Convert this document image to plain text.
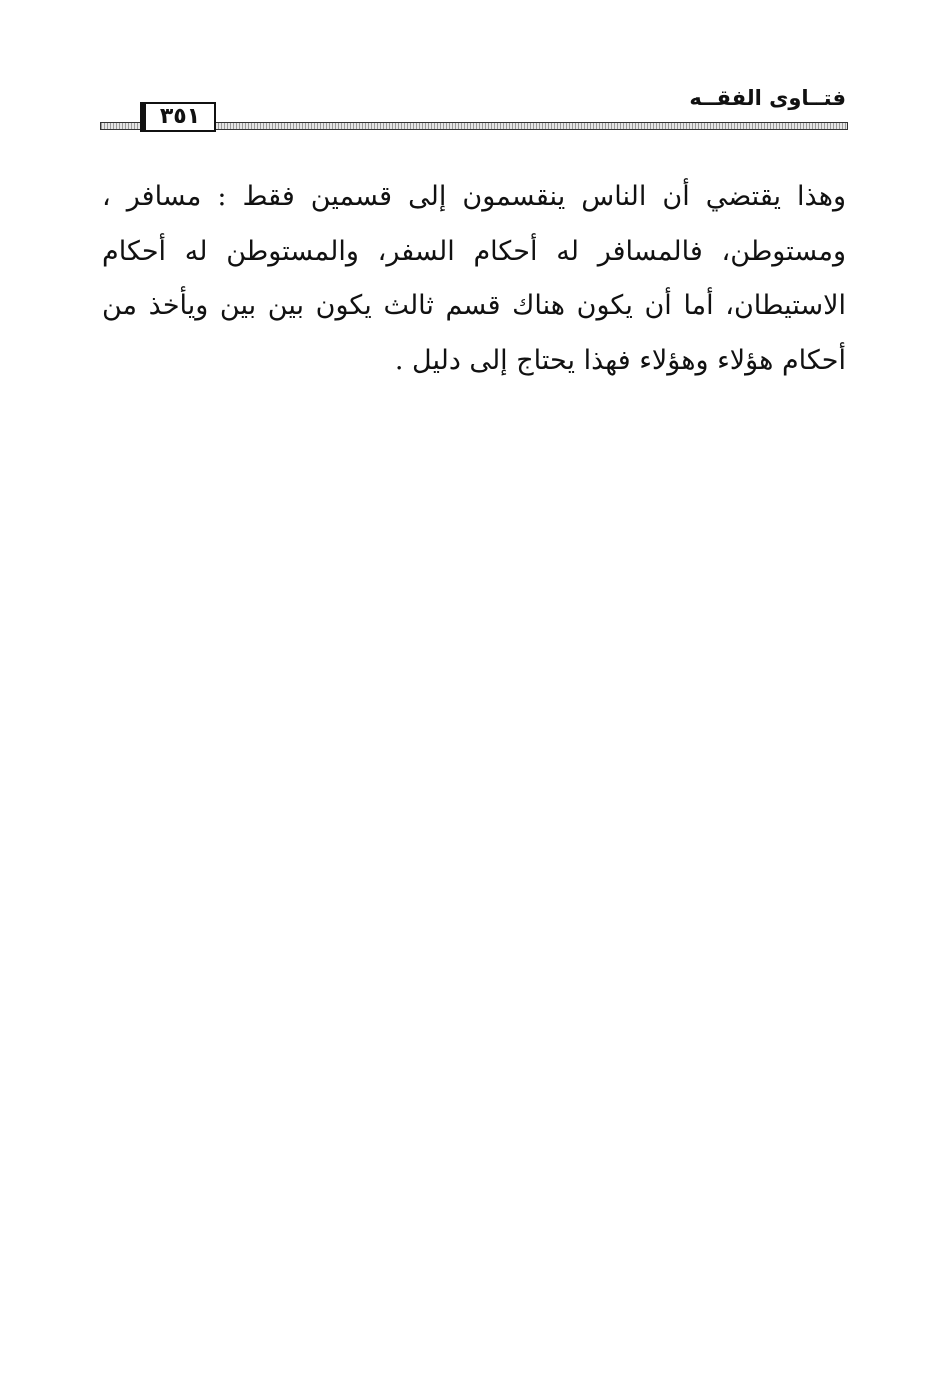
٣٥١
فتــاوى الفقــه

وهذا يقتضي أن الناس ينقسمون إلى قسمين فقط : مسافر ، ومستوطن، فالمسافر له أحكام السفر، والمستوطن له أحكام الاستيطان، أما أن يكون هناك قسم ثالث يكون بين بين ويأخذ من أحكام هؤلاء وهؤلاء فهذا يحتاج إلى دليل .
